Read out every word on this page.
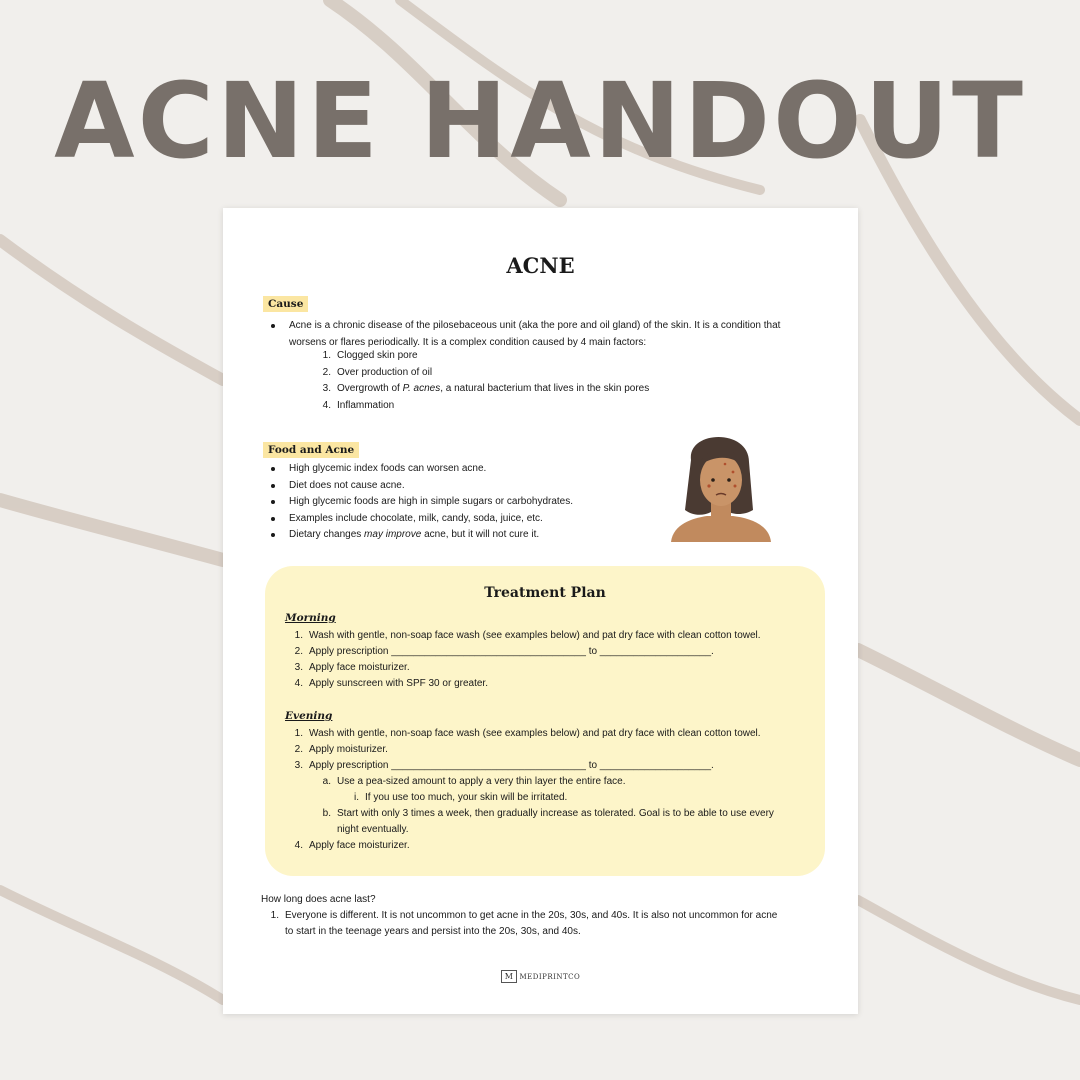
ACNE HANDOUT
ACNE
Cause
Acne is a chronic disease of the pilosebaceous unit (aka the pore and oil gland) of the skin. It is a condition that
worsens or flares periodically. It is a complex condition caused by 4 main factors:
1. Clogged skin pore
2. Over production of oil
3. Overgrowth of P. acnes, a natural bacterium that lives in the skin pores
4. Inflammation
Food and Acne
High glycemic index foods can worsen acne.
Diet does not cause acne.
High glycemic foods are high in simple sugars or carbohydrates.
Examples include chocolate, milk, candy, soda, juice, etc.
Dietary changes may improve acne, but it will not cure it.
Treatment Plan
Morning
1. Wash with gentle, non-soap face wash (see examples below) and pat dry face with clean cotton towel.
2. Apply prescription ___________________________________ to ____________________.
3. Apply face moisturizer.
4. Apply sunscreen with SPF 30 or greater.
Evening
1. Wash with gentle, non-soap face wash (see examples below) and pat dry face with clean cotton towel.
2. Apply moisturizer.
3. Apply prescription ___________________________________ to ____________________.
a. Use a pea-sized amount to apply a very thin layer the entire face.
i. If you use too much, your skin will be irritated.
b. Start with only 3 times a week, then gradually increase as tolerated. Goal is to be able to use every
night eventually.
4. Apply face moisturizer.
How long does acne last?
1. Everyone is different. It is not uncommon to get acne in the 20s, 30s, and 40s. It is also not uncommon for acne
to start in the teenage years and persist into the 20s, 30s, and 40s.
M MEDIPRINTCO
